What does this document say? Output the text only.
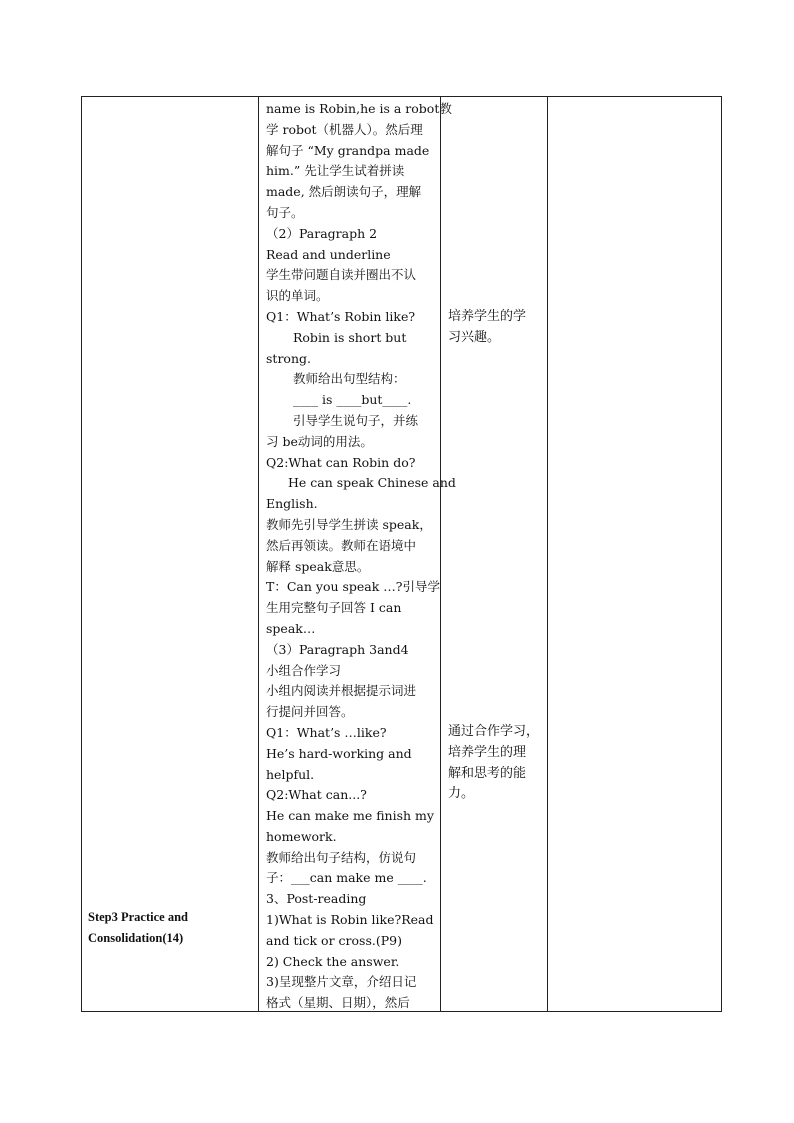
Step3 Practice and
Consolidation(14)
name is Robin,he is a robot教
学 robot（机器人）。然后理
解句子 “My grandpa made
him.” 先让学生试着拼读
made, 然后朗读句子，理解
句子。
（2）Paragraph 2
Read and underline
学生带问题自读并圈出不认
识的单词。
Q1：What’s Robin like?
Robin is short but
strong.
教师给出句型结构：
____ is ____but____.
引导学生说句子，并练
习 be动词的用法。
Q2:What can Robin do?
He can speak Chinese and
English.
教师先引导学生拼读 speak，
然后再领读。教师在语境中
解释 speak意思。
T：Can you speak …?引导学
生用完整句子回答 I can
speak…
（3）Paragraph 3and4
小组合作学习
小组内阅读并根据提示词进
行提问并回答。
Q1：What’s …like?
He’s hard-working and
helpful.
Q2:What can...?
He can make me finish my
homework.
教师给出句子结构，仿说句
子：___can make me ____.
3、Post-reading
1)What is Robin like?Read
and tick or cross.(P9)
2) Check the answer.
3)呈现整片文章，介绍日记
格式（星期、日期），然后
培养学生的学
习兴趣。
通过合作学习，
培养学生的理
解和思考的能
力。
